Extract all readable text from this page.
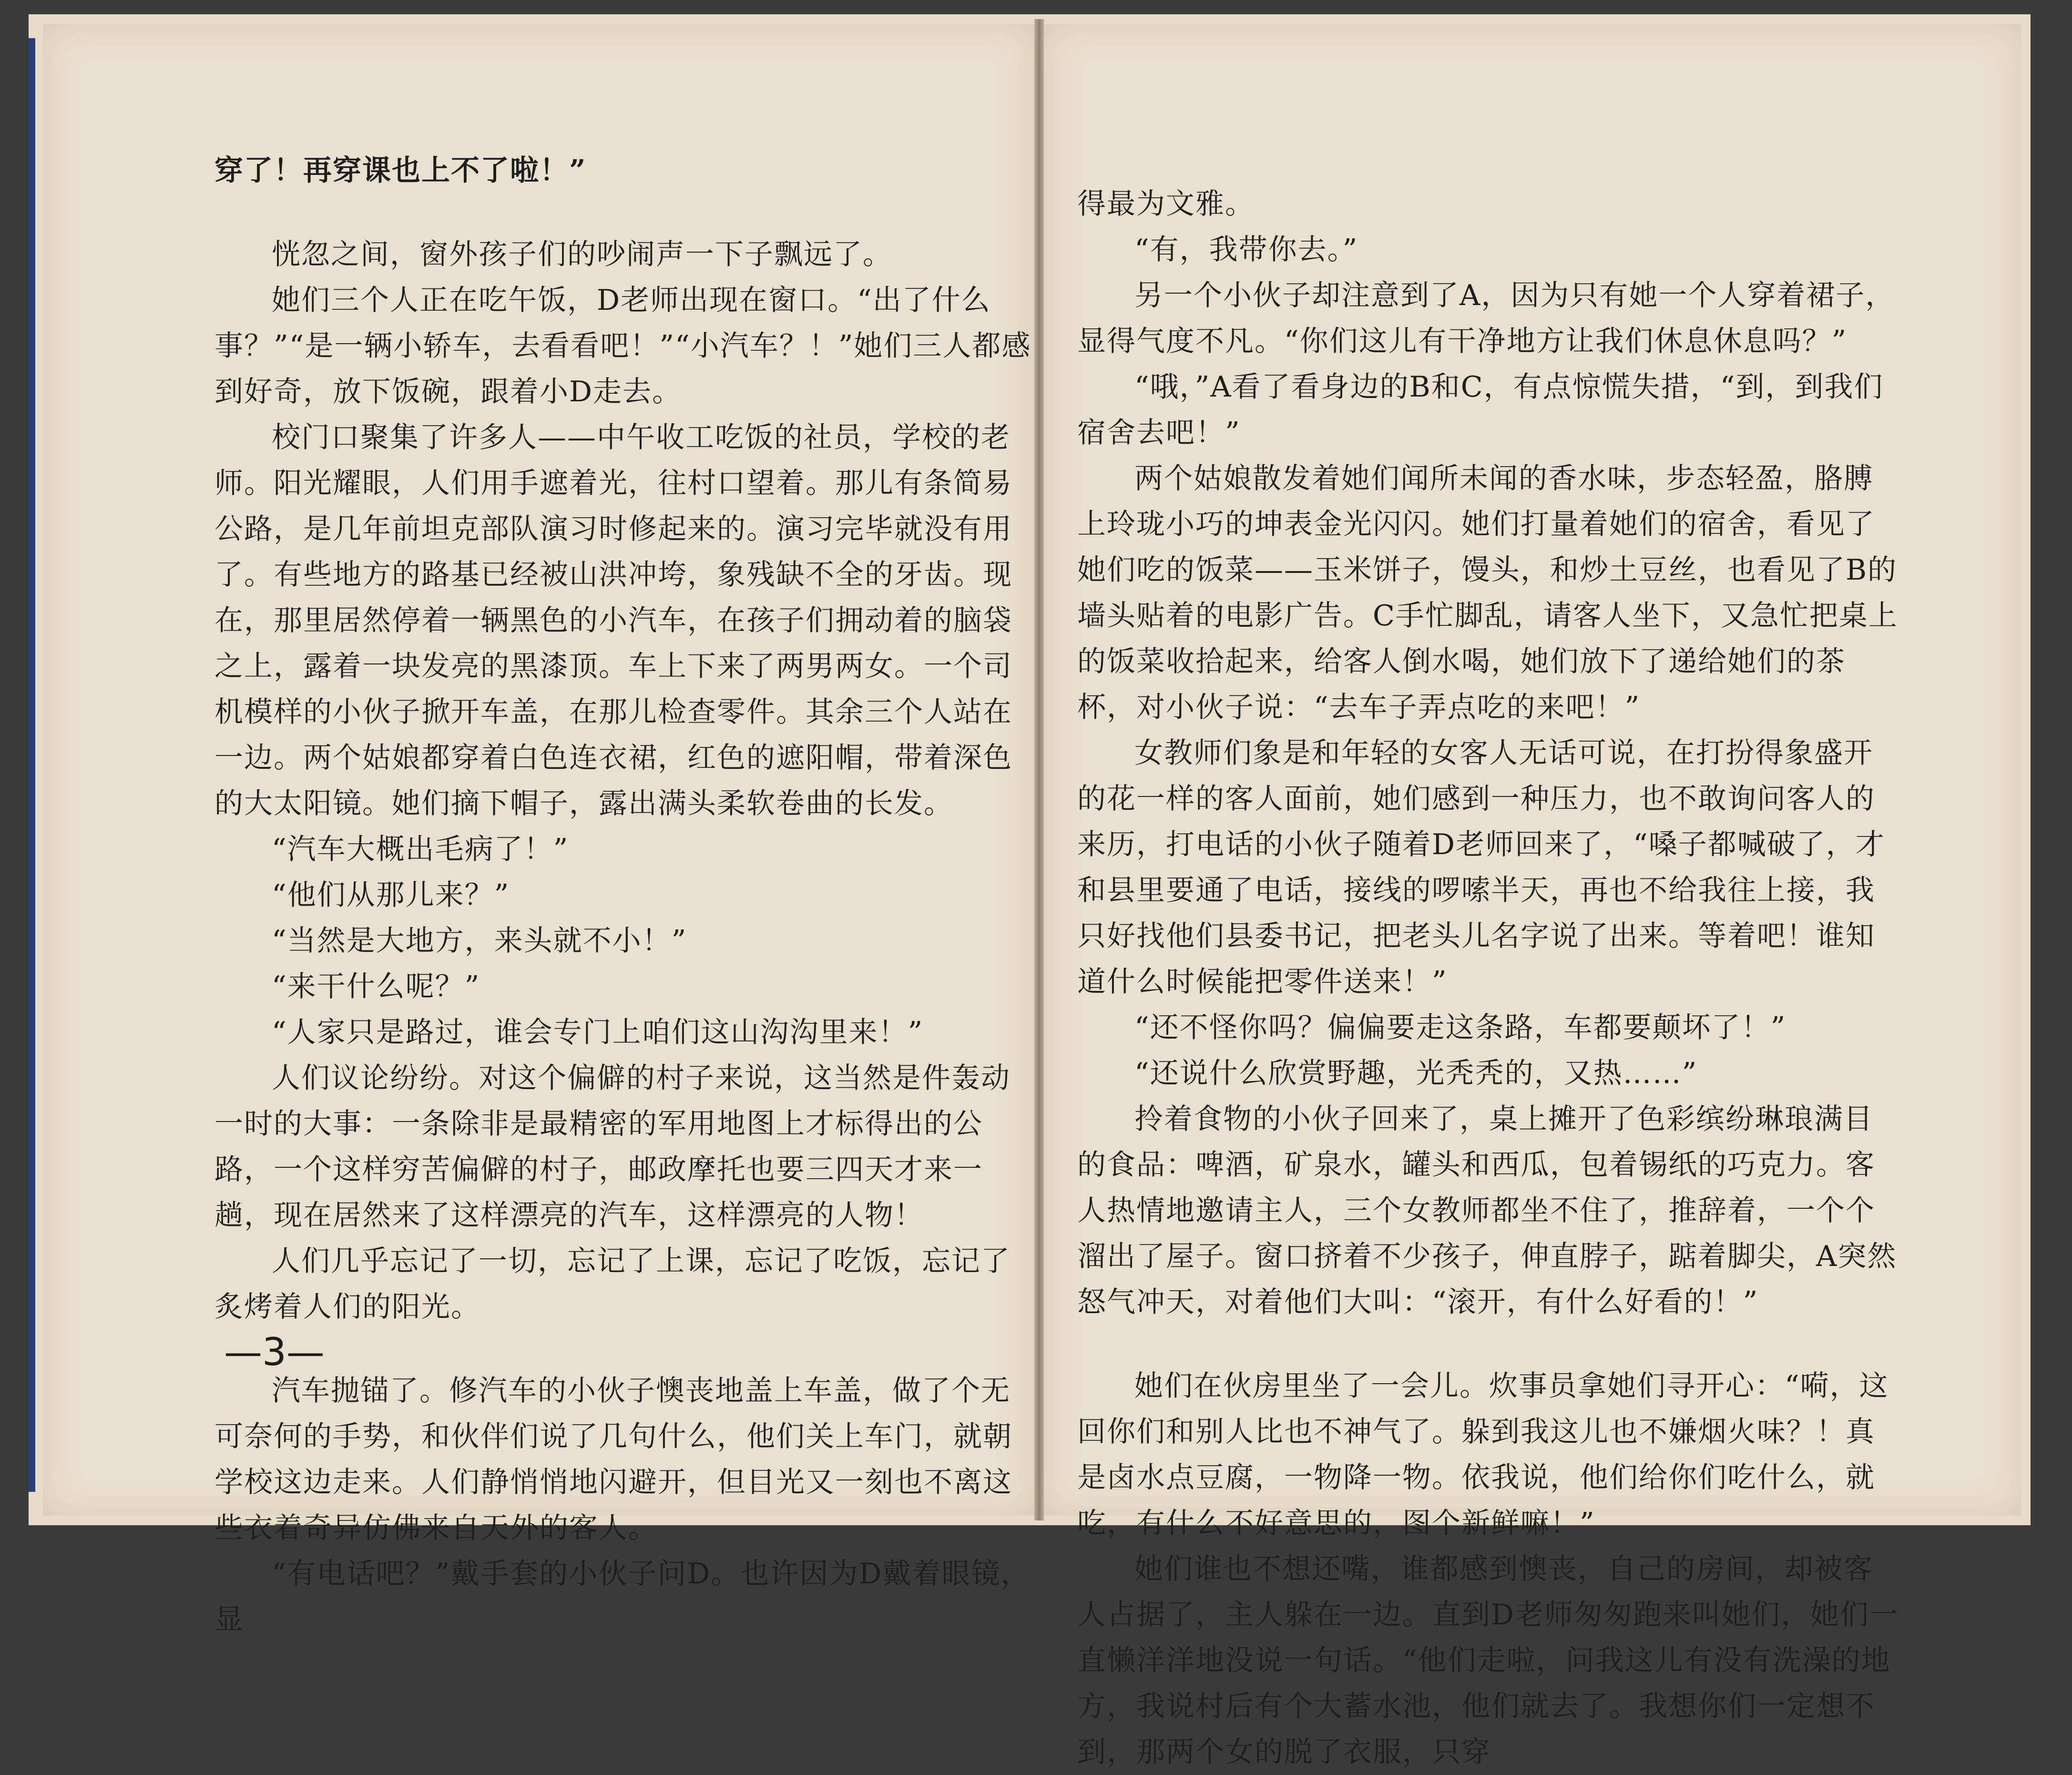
穿了！再穿课也上不了啦！”

恍忽之间，窗外孩子们的吵闹声一下子飘远了。

她们三个人正在吃午饭，D老师出现在窗口。“出了什么事？”“是一辆小轿车，去看看吧！”“小汽车？！”她们三人都感到好奇，放下饭碗，跟着小D走去。

校门口聚集了许多人——中午收工吃饭的社员，学校的老师。阳光耀眼，人们用手遮着光，往村口望着。那儿有条简易公路，是几年前坦克部队演习时修起来的。演习完毕就没有用了。有些地方的路基已经被山洪冲垮，象残缺不全的牙齿。现在，那里居然停着一辆黑色的小汽车，在孩子们拥动着的脑袋之上，露着一块发亮的黑漆顶。车上下来了两男两女。一个司机模样的小伙子掀开车盖，在那儿检查零件。其余三个人站在一边。两个姑娘都穿着白色连衣裙，红色的遮阳帽，带着深色的大太阳镜。她们摘下帽子，露出满头柔软卷曲的长发。

“汽车大概出毛病了！”

“他们从那儿来？”

“当然是大地方，来头就不小！”

“来干什么呢？”

“人家只是路过，谁会专门上咱们这山沟沟里来！”

人们议论纷纷。对这个偏僻的村子来说，这当然是件轰动一时的大事：一条除非是最精密的军用地图上才标得出的公路，一个这样穷苦偏僻的村子，邮政摩托也要三四天才来一趟，现在居然来了这样漂亮的汽车，这样漂亮的人物！

人们几乎忘记了一切，忘记了上课，忘记了吃饭，忘记了炙烤着人们的阳光。

汽车抛锚了。修汽车的小伙子懊丧地盖上车盖，做了个无可奈何的手势，和伙伴们说了几句什么，他们关上车门，就朝学校这边走来。人们静悄悄地闪避开，但目光又一刻也不离这些衣着奇异仿佛来自天外的客人。

“有电话吧？”戴手套的小伙子问D。也许因为D戴着眼镜，显

—3—

得最为文雅。

“有，我带你去。”

另一个小伙子却注意到了A，因为只有她一个人穿着裙子，显得气度不凡。“你们这儿有干净地方让我们休息休息吗？”

“哦，”A看了看身边的B和C，有点惊慌失措，“到，到我们宿舍去吧！”

两个姑娘散发着她们闻所未闻的香水味，步态轻盈，胳膊上玲珑小巧的坤表金光闪闪。她们打量着她们的宿舍，看见了她们吃的饭菜——玉米饼子，馒头，和炒土豆丝，也看见了B的墙头贴着的电影广告。C手忙脚乱，请客人坐下，又急忙把桌上的饭菜收拾起来，给客人倒水喝，她们放下了递给她们的茶杯，对小伙子说：“去车子弄点吃的来吧！”

女教师们象是和年轻的女客人无话可说，在打扮得象盛开的花一样的客人面前，她们感到一种压力，也不敢询问客人的来历，打电话的小伙子随着D老师回来了，“嗓子都喊破了，才和县里要通了电话，接线的啰嗦半天，再也不给我往上接，我只好找他们县委书记，把老头儿名字说了出来。等着吧！谁知道什么时候能把零件送来！”

“还不怪你吗？偏偏要走这条路，车都要颠坏了！”

“还说什么欣赏野趣，光秃秃的，又热……”

拎着食物的小伙子回来了，桌上摊开了色彩缤纷琳琅满目的食品：啤酒，矿泉水，罐头和西瓜，包着锡纸的巧克力。客人热情地邀请主人，三个女教师都坐不住了，推辞着，一个个溜出了屋子。窗口挤着不少孩子，伸直脖子，踮着脚尖，A突然怒气冲天，对着他们大叫：“滚开，有什么好看的！”

她们在伙房里坐了一会儿。炊事员拿她们寻开心：“嗬，这回你们和别人比也不神气了。躲到我这儿也不嫌烟火味？！真是卤水点豆腐，一物降一物。依我说，他们给你们吃什么，就吃，有什么不好意思的，图个新鲜嘛！”

她们谁也不想还嘴，谁都感到懊丧，自己的房间，却被客人占据了，主人躲在一边。直到D老师匆匆跑来叫她们，她们一直懒洋洋地没说一句话。“他们走啦，问我这儿有没有洗澡的地方，我说村后有个大蓄水池，他们就去了。我想你们一定想不到，那两个女的脱了衣服，只穿
